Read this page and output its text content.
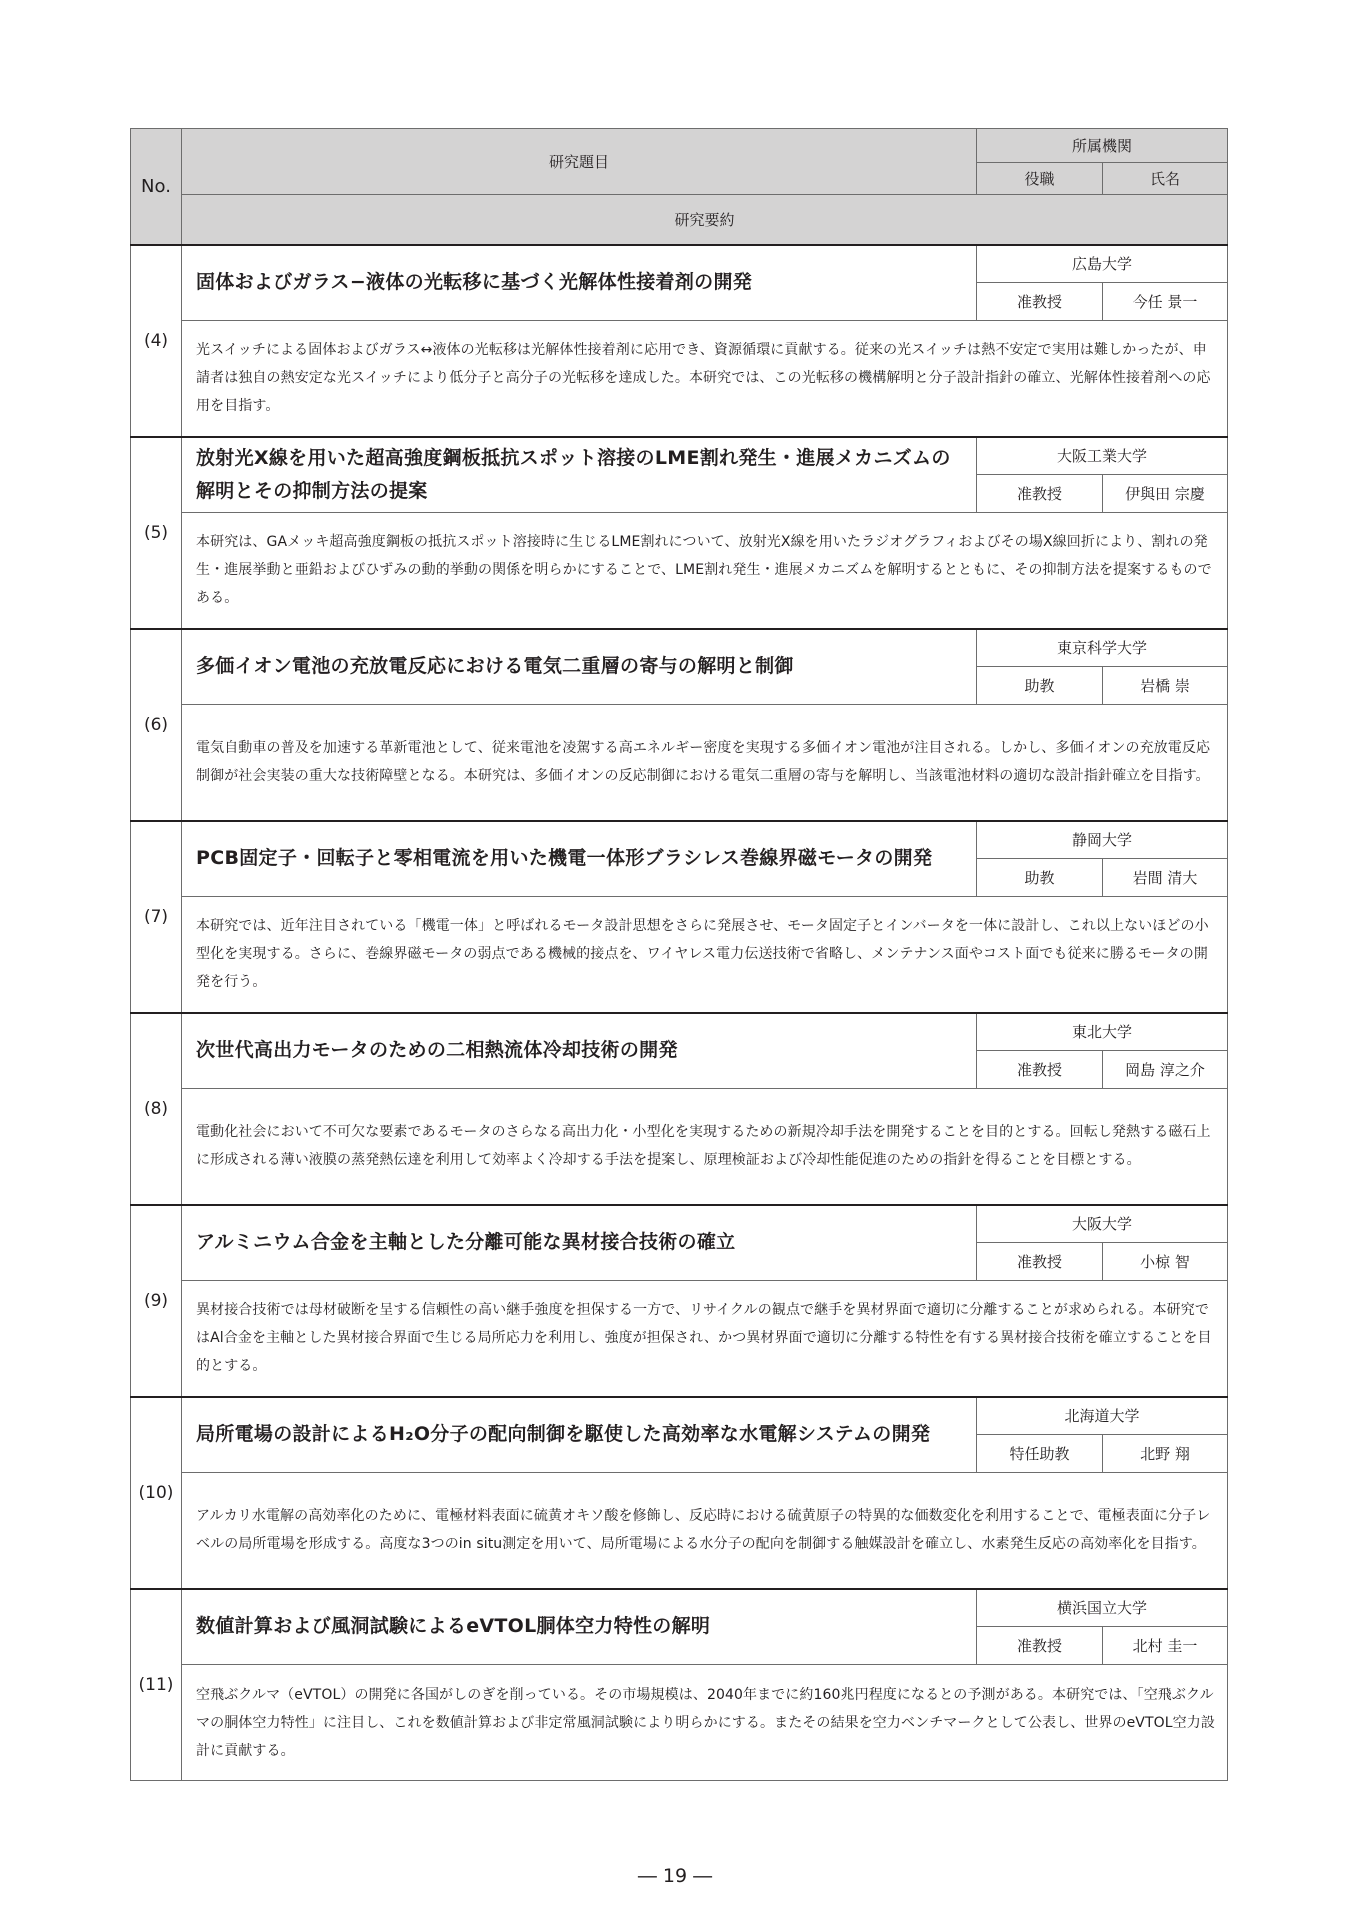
No.	研究題目	所属機関	
		役職	氏名
	研究要約		
(4)	固体およびガラス−液体の光転移に基づく光解体性接着剤の開発	広島大学	
		准教授	今任 景一
	光スイッチによる固体およびガラス↔液体の光転移は光解体性接着剤に応用でき、資源循環に貢献する。従来の光スイッチは熱不安定で実用は難しかったが、申請者は独自の熱安定な光スイッチにより低分子と高分子の光転移を達成した。本研究では、この光転移の機構解明と分子設計指針の確立、光解体性接着剤への応用を目指す。		
(5)	放射光X線を用いた超高強度鋼板抵抗スポット溶接のLME割れ発生・進展メカニズムの解明とその抑制方法の提案	大阪工業大学	
		准教授	伊與田 宗慶
	本研究は、GAメッキ超高強度鋼板の抵抗スポット溶接時に生じるLME割れについて、放射光X線を用いたラジオグラフィおよびその場X線回折により、割れの発生・進展挙動と亜鉛およびひずみの動的挙動の関係を明らかにすることで、LME割れ発生・進展メカニズムを解明するとともに、その抑制方法を提案するものである。		
(6)	多価イオン電池の充放電反応における電気二重層の寄与の解明と制御	東京科学大学	
		助教	岩橋 崇
	電気自動車の普及を加速する革新電池として、従来電池を凌駕する高エネルギー密度を実現する多価イオン電池が注目される。しかし、多価イオンの充放電反応制御が社会実装の重大な技術障壁となる。本研究は、多価イオンの反応制御における電気二重層の寄与を解明し、当該電池材料の適切な設計指針確立を目指す。		
(7)	PCB固定子・回転子と零相電流を用いた機電一体形ブラシレス巻線界磁モータの開発	静岡大学	
		助教	岩間 清大
	本研究では、近年注目されている「機電一体」と呼ばれるモータ設計思想をさらに発展させ、モータ固定子とインバータを一体に設計し、これ以上ないほどの小型化を実現する。さらに、巻線界磁モータの弱点である機械的接点を、ワイヤレス電力伝送技術で省略し、メンテナンス面やコスト面でも従来に勝るモータの開発を行う。		
(8)	次世代高出力モータのための二相熱流体冷却技術の開発	東北大学	
		准教授	岡島 淳之介
	電動化社会において不可欠な要素であるモータのさらなる高出力化・小型化を実現するための新規冷却手法を開発することを目的とする。回転し発熱する磁石上に形成される薄い液膜の蒸発熱伝達を利用して効率よく冷却する手法を提案し、原理検証および冷却性能促進のための指針を得ることを目標とする。		
(9)	アルミニウム合金を主軸とした分離可能な異材接合技術の確立	大阪大学	
		准教授	小椋 智
	異材接合技術では母材破断を呈する信頼性の高い継手強度を担保する一方で、リサイクルの観点で継手を異材界面で適切に分離することが求められる。本研究ではAl合金を主軸とした異材接合界面で生じる局所応力を利用し、強度が担保され、かつ異材界面で適切に分離する特性を有する異材接合技術を確立することを目的とする。		
(10)	局所電場の設計によるH₂O分子の配向制御を駆使した高効率な水電解システムの開発	北海道大学	
		特任助教	北野 翔
	アルカリ水電解の高効率化のために、電極材料表面に硫黄オキソ酸を修飾し、反応時における硫黄原子の特異的な価数変化を利用することで、電極表面に分子レベルの局所電場を形成する。高度な3つのin situ測定を用いて、局所電場による水分子の配向を制御する触媒設計を確立し、水素発生反応の高効率化を目指す。		
(11)	数値計算および風洞試験によるeVTOL胴体空力特性の解明	横浜国立大学	
		准教授	北村 圭一
	空飛ぶクルマ（eVTOL）の開発に各国がしのぎを削っている。その市場規模は、2040年までに約160兆円程度になるとの予測がある。本研究では、「空飛ぶクルマの胴体空力特性」に注目し、これを数値計算および非定常風洞試験により明らかにする。またその結果を空力ベンチマークとして公表し、世界のeVTOL空力設計に貢献する。		
― 19 ―
